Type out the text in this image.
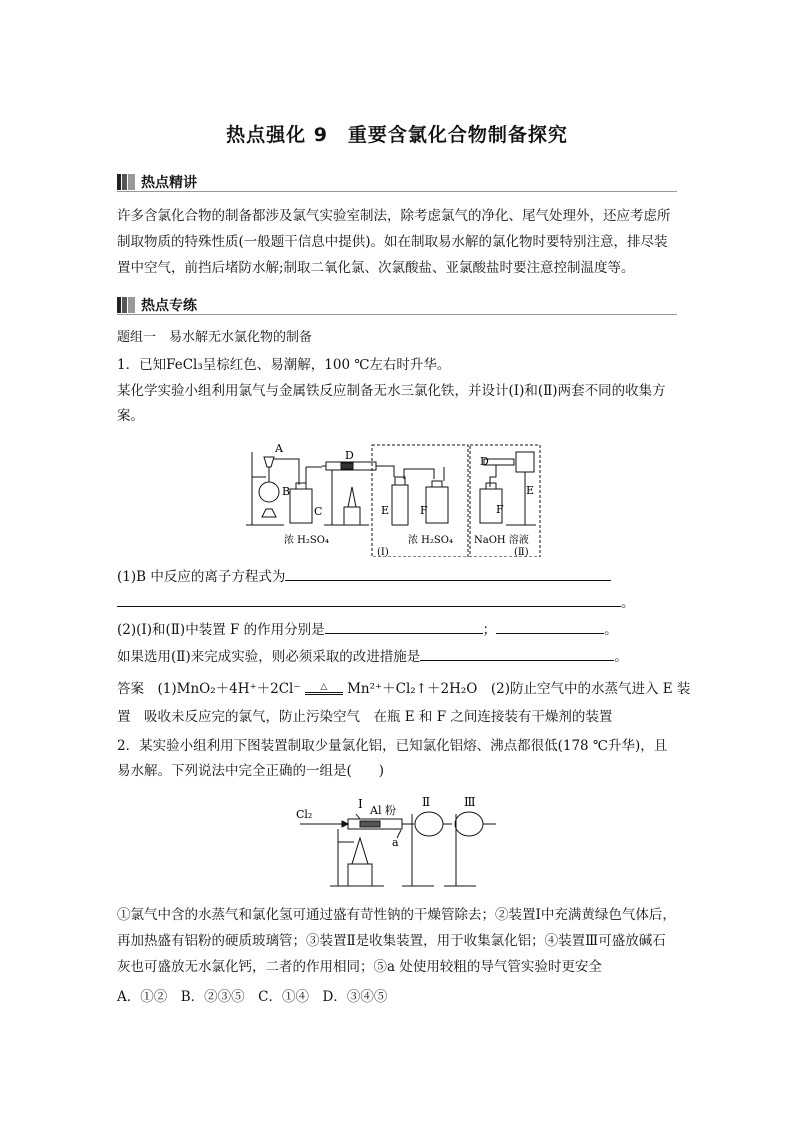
热点强化 9　重要含氯化合物制备探究
热点精讲
许多含氯化合物的制备都涉及氯气实验室制法，除考虑氯气的净化、尾气处理外，还应考虑所制取物质的特殊性质(一般题干信息中提供)。如在制取易水解的氯化物时要特别注意，排尽装置中空气，前挡后堵防水解;制取二氧化氯、次氯酸盐、亚氯酸盐时要注意控制温度等。
热点专练
题组一　易水解无水氯化物的制备
1．已知FeCl₃呈棕红色、易潮解，100 ℃左右时升华。
某化学实验小组利用氯气与金属铁反应制备无水三氯化铁，并设计(Ⅰ)和(Ⅱ)两套不同的收集方案。
A
B
C
D
E	F
D
E
F
浓 H₂SO₄	浓 H₂SO₄ NaOH 溶液
(Ⅰ)	(Ⅱ)
(1)B 中反应的离子方程式为
。
(2)(Ⅰ)和(Ⅱ)中装置 F 的作用分别是	；	。
如果选用(Ⅱ)来完成实验，则必须采取的改进措施是	。
答案　 (1)MnO₂＋4H⁺＋2Cl⁻ △ Mn²⁺＋Cl₂↑＋2H₂O　(2)防止空气中的水蒸气进入 E 装
置　吸收未反应完的氯气，防止污染空气　在瓶 E 和 F 之间连接装有干燥剂的装置
2．某实验小组利用下图装置制取少量氯化铝，已知氯化铝熔、沸点都很低(178 ℃升华)，且
易水解。下列说法中完全正确的一组是(　　)
Cl₂
Ⅰ Al 粉
Ⅱ	Ⅲ
a
①氯气中含的水蒸气和氯化氢可通过盛有苛性钠的干燥管除去；②装置Ⅰ中充满黄绿色气体后，再加热盛有铝粉的硬质玻璃管；③装置Ⅱ是收集装置，用于收集氯化铝；④装置Ⅲ可盛放碱石灰也可盛放无水氯化钙，二者的作用相同；⑤a 处使用较粗的导气管实验时更安全
A．①②　B．②③⑤　C．①④　D．③④⑤
